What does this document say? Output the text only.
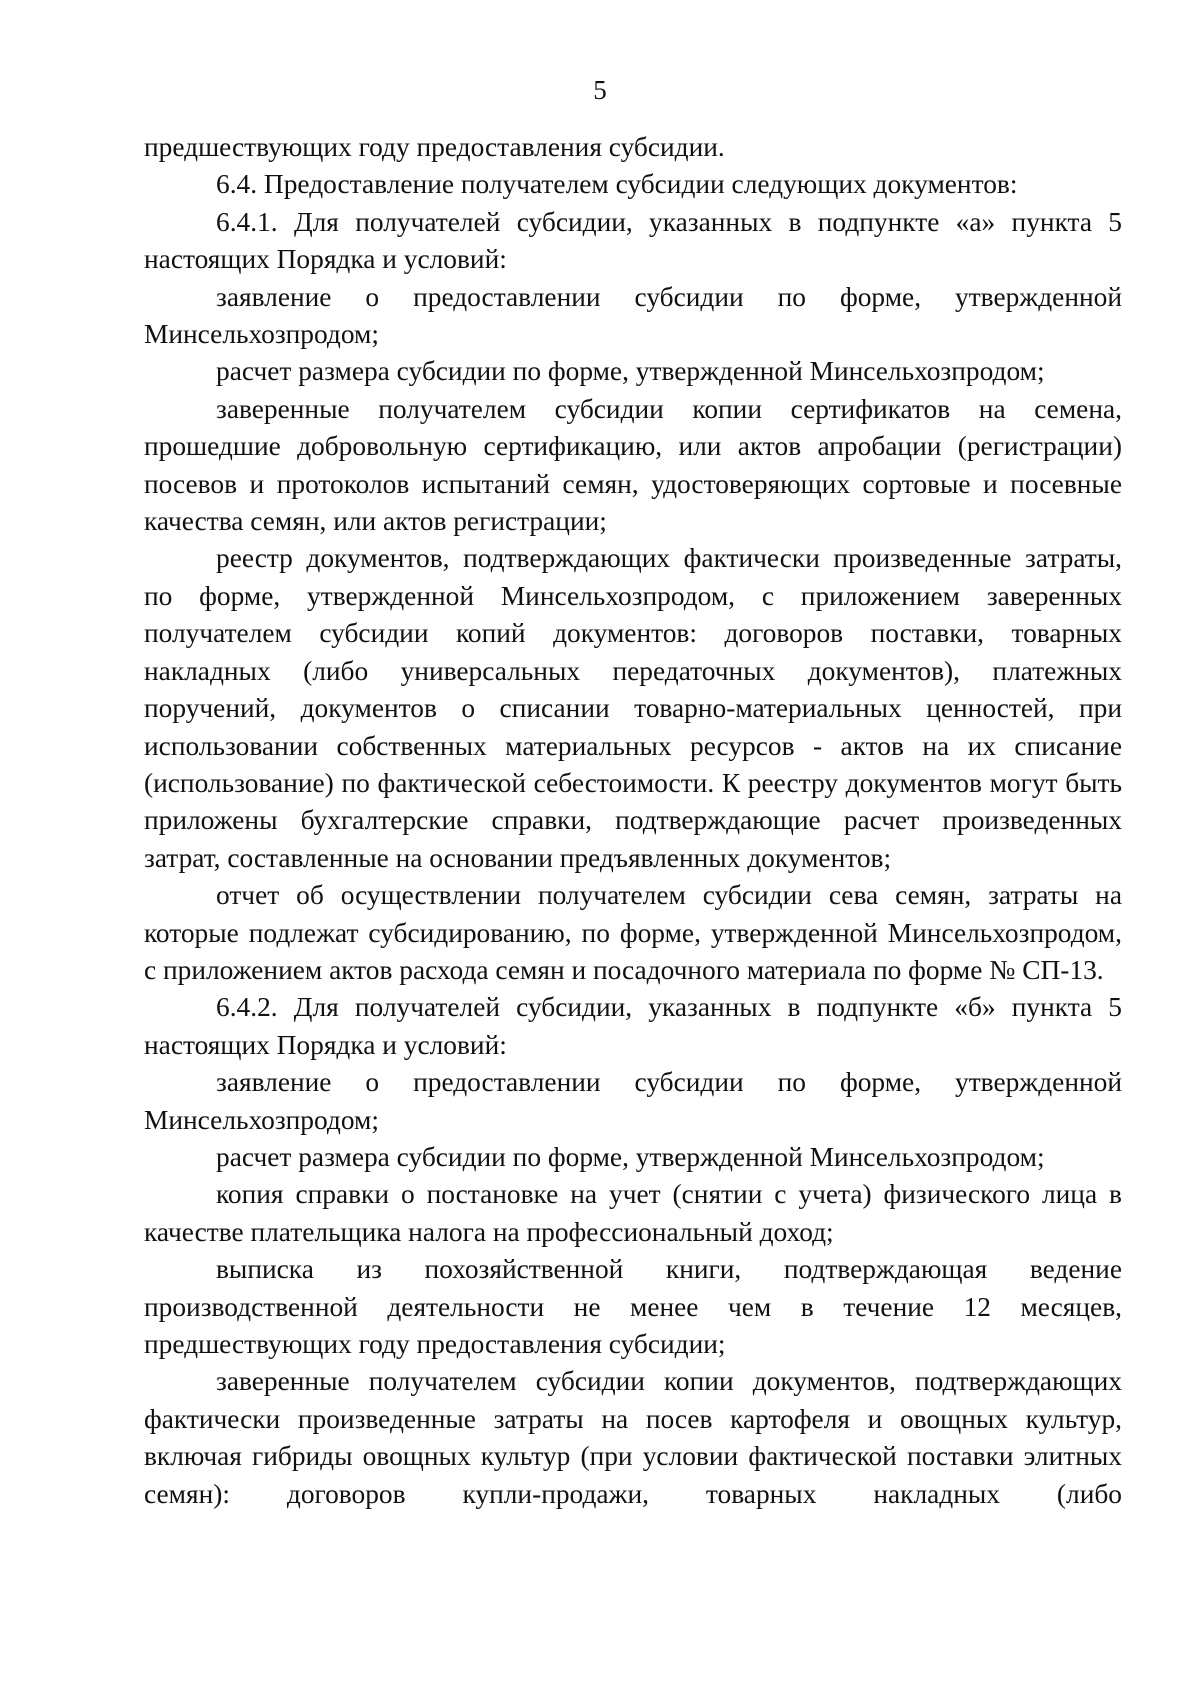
5

предшествующих году предоставления субсидии.

6.4. Предоставление получателем субсидии следующих документов:

6.4.1. Для получателей субсидии, указанных в подпункте «а» пункта 5 настоящих Порядка и условий:

заявление о предоставлении субсидии по форме, утвержденной Минсельхозпродом;

расчет размера субсидии по форме, утвержденной Минсельхозпродом;

заверенные получателем субсидии копии сертификатов на семена, прошедшие добровольную сертификацию, или актов апробации (регистрации) посевов и протоколов испытаний семян, удостоверяющих сортовые и посевные качества семян, или актов регистрации;

реестр документов, подтверждающих фактически произведенные затраты, по форме, утвержденной Минсельхозпродом, с приложением заверенных получателем субсидии копий документов: договоров поставки, товарных накладных (либо универсальных передаточных документов), платежных поручений, документов о списании товарно-материальных ценностей, при использовании собственных материальных ресурсов - актов на их списание (использование) по фактической себестоимости. К реестру документов могут быть приложены бухгалтерские справки, подтверждающие расчет произведенных затрат, составленные на основании предъявленных документов;

отчет об осуществлении получателем субсидии сева семян, затраты на которые подлежат субсидированию, по форме, утвержденной Минсельхозпродом, с приложением актов расхода семян и посадочного материала по форме № СП-13.

6.4.2. Для получателей субсидии, указанных в подпункте «б» пункта 5 настоящих Порядка и условий:

заявление о предоставлении субсидии по форме, утвержденной Минсельхозпродом;

расчет размера субсидии по форме, утвержденной Минсельхозпродом;

копия справки о постановке на учет (снятии с учета) физического лица в качестве плательщика налога на профессиональный доход;

выписка из похозяйственной книги, подтверждающая ведение производственной деятельности не менее чем в течение 12 месяцев, предшествующих году предоставления субсидии;

заверенные получателем субсидии копии документов, подтверждающих фактически произведенные затраты на посев картофеля и овощных культур, включая гибриды овощных культур (при условии фактической поставки элитных семян): договоров купли-продажи, товарных накладных (либо
